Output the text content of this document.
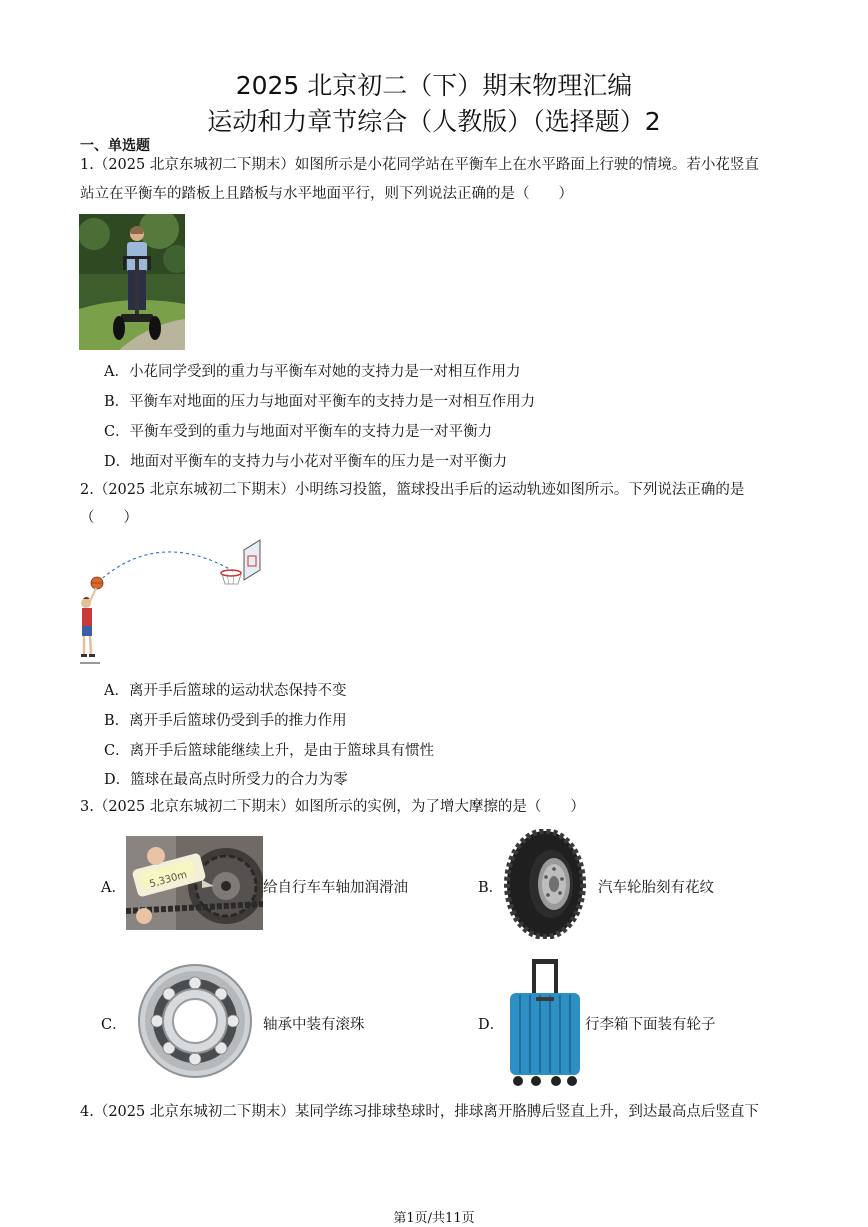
2025 北京初二（下）期末物理汇编
运动和力章节综合（人教版）（选择题）2
一、单选题
1.（2025 北京东城初二下期末）如图所示是小花同学站在平衡车上在水平路面上行驶的情境。若小花竖直
站立在平衡车的踏板上且踏板与水平地面平行，则下列说法正确的是（　　）
A．小花同学受到的重力与平衡车对她的支持力是一对相互作用力
B．平衡车对地面的压力与地面对平衡车的支持力是一对相互作用力
C．平衡车受到的重力与地面对平衡车的支持力是一对平衡力
D．地面对平衡车的支持力与小花对平衡车的压力是一对平衡力
2.（2025 北京东城初二下期末）小明练习投篮，篮球投出手后的运动轨迹如图所示。下列说法正确的是
（　　）
A．离开手后篮球的运动状态保持不变
B．离开手后篮球仍受到手的推力作用
C．离开手后篮球能继续上升，是由于篮球具有惯性
D．篮球在最高点时所受力的合力为零
3.（2025 北京东城初二下期末）如图所示的实例，为了增大摩擦的是（　　）
A． 5,330m	给自行车车轴加润滑油	B．	汽车轮胎刻有花纹
C．	轴承中装有滚珠	D．	行李箱下面装有轮子
4.（2025 北京东城初二下期末）某同学练习排球垫球时，排球离开胳膊后竖直上升，到达最高点后竖直下
第1页/共11页
